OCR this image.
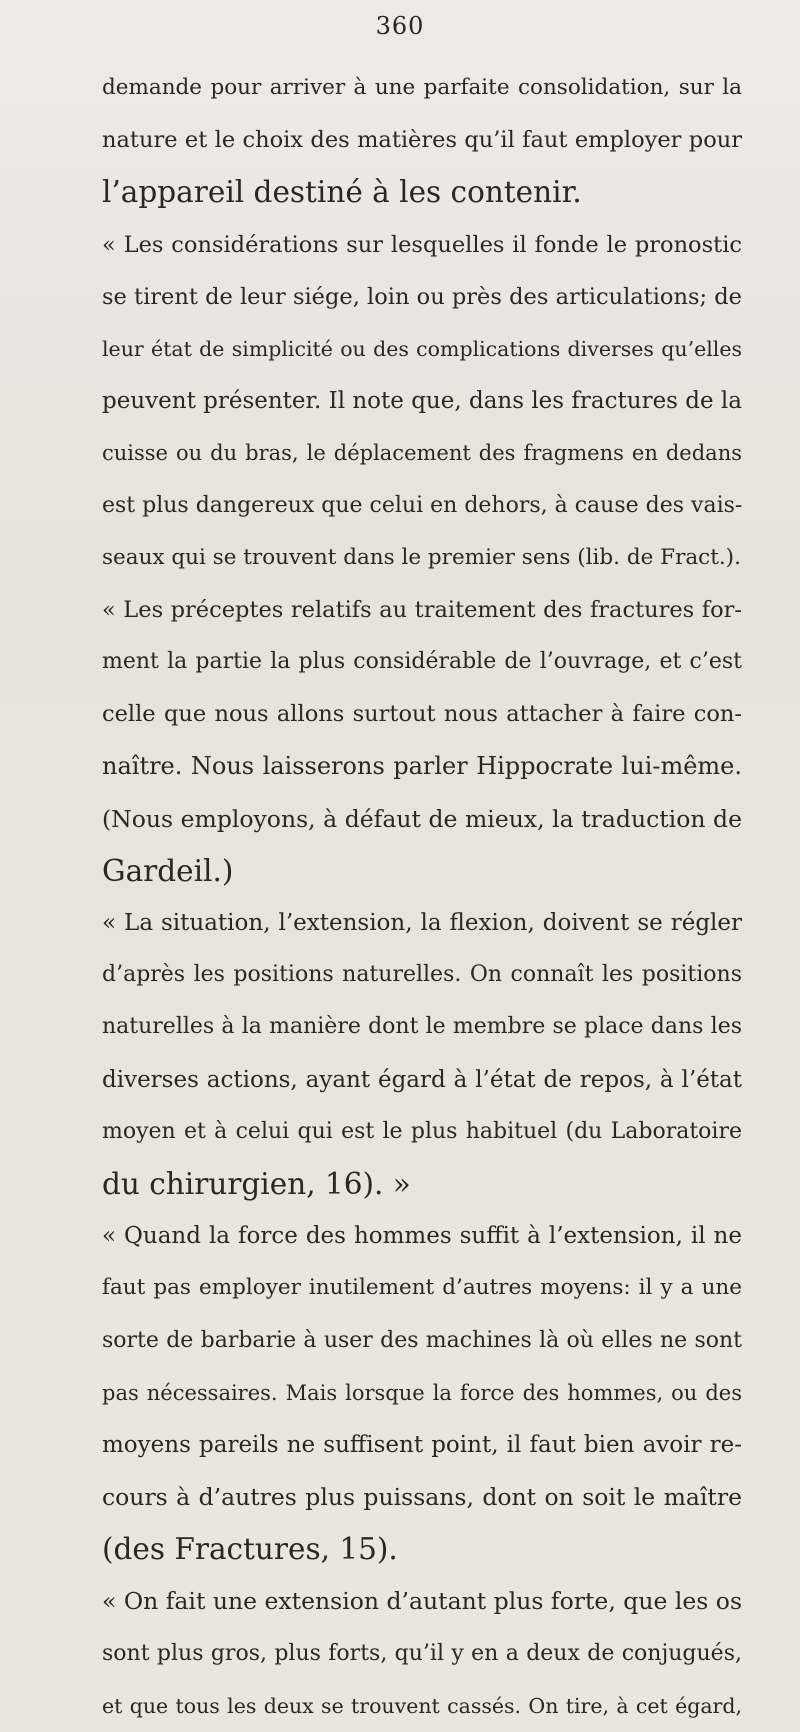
360
demande pour arriver à une parfaite consolidation, sur la
nature et le choix des matières qu’il faut employer pour
l’appareil destiné à les contenir.
« Les considérations sur lesquelles il fonde le pronostic
se tirent de leur siége, loin ou près des articulations; de
leur état de simplicité ou des complications diverses qu’elles
peuvent présenter. Il note que, dans les fractures de la
cuisse ou du bras, le déplacement des fragmens en dedans
est plus dangereux que celui en dehors, à cause des vais-
seaux qui se trouvent dans le premier sens (lib. de Fract.).
« Les préceptes relatifs au traitement des fractures for-
ment la partie la plus considérable de l’ouvrage, et c’est
celle que nous allons surtout nous attacher à faire con-
naître. Nous laisserons parler Hippocrate lui-même.
(Nous employons, à défaut de mieux, la traduction de
Gardeil.)
« La situation, l’extension, la flexion, doivent se régler
d’après les positions naturelles. On connaît les positions
naturelles à la manière dont le membre se place dans les
diverses actions, ayant égard à l’état de repos, à l’état
moyen et à celui qui est le plus habituel (du Laboratoire
du chirurgien, 16). »
« Quand la force des hommes suffit à l’extension, il ne
faut pas employer inutilement d’autres moyens: il y a une
sorte de barbarie à user des machines là où elles ne sont
pas nécessaires. Mais lorsque la force des hommes, ou des
moyens pareils ne suffisent point, il faut bien avoir re-
cours à d’autres plus puissans, dont on soit le maître
(des Fractures, 15).
« On fait une extension d’autant plus forte, que les os
sont plus gros, plus forts, qu’il y en a deux de conjugués,
et que tous les deux se trouvent cassés. On tire, à cet égard,
